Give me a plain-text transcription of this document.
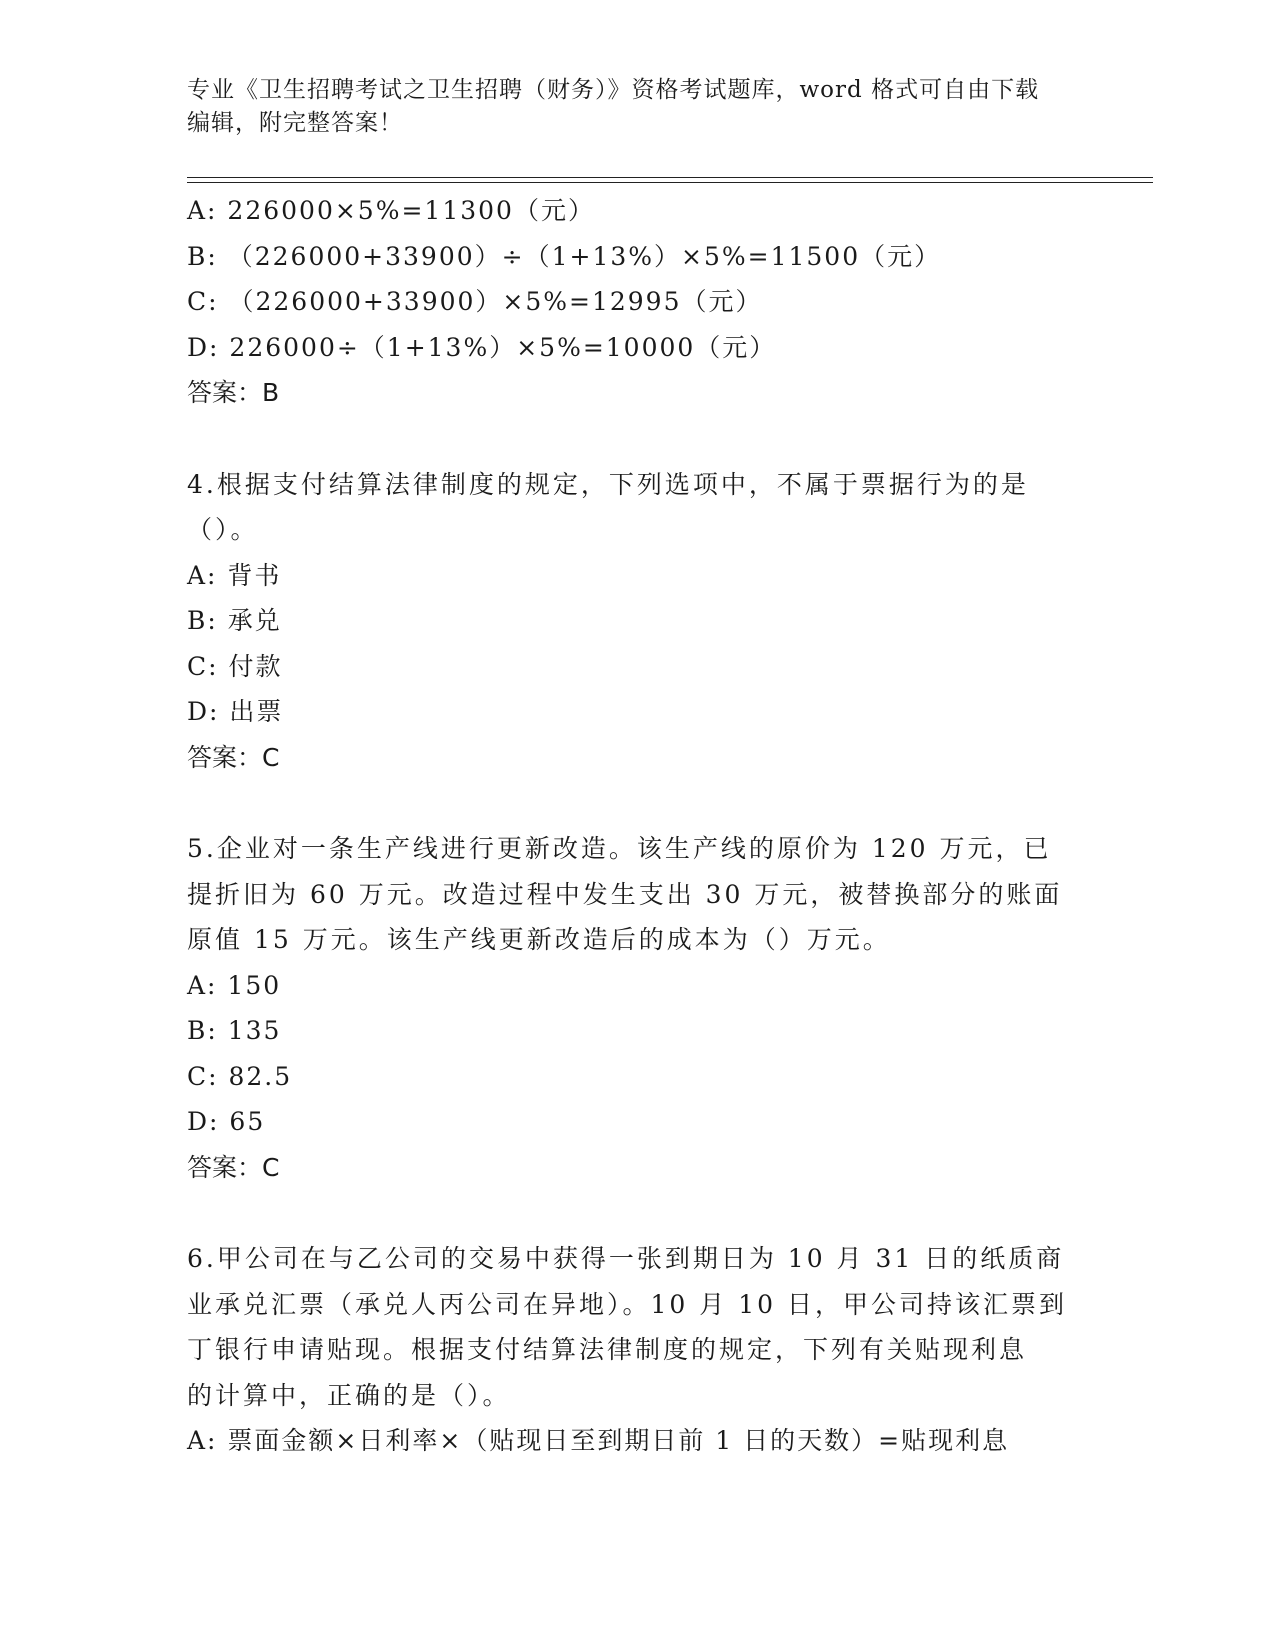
专业《卫生招聘考试之卫生招聘（财务）》资格考试题库，word 格式可自由下载
编辑，附完整答案！
A: 226000×5%=11300（元）
B: （226000+33900）÷（1+13%）×5%=11500（元）
C: （226000+33900）×5%=12995（元）
D: 226000÷（1+13%）×5%=10000（元）
答案：B
4.根据支付结算法律制度的规定，下列选项中，不属于票据行为的是
（）。
A: 背书
B: 承兑
C: 付款
D: 出票
答案：C
5.企业对一条生产线进行更新改造。该生产线的原价为 120 万元，已
提折旧为 60 万元。改造过程中发生支出 30 万元，被替换部分的账面
原值 15 万元。该生产线更新改造后的成本为（）万元。
A: 150
B: 135
C: 82.5
D: 65
答案：C
6.甲公司在与乙公司的交易中获得一张到期日为 10 月 31 日的纸质商
业承兑汇票（承兑人丙公司在异地）。10 月 10 日，甲公司持该汇票到
丁银行申请贴现。根据支付结算法律制度的规定，下列有关贴现利息
的计算中，正确的是（）。
A: 票面金额×日利率×（贴现日至到期日前 1 日的天数）=贴现利息
